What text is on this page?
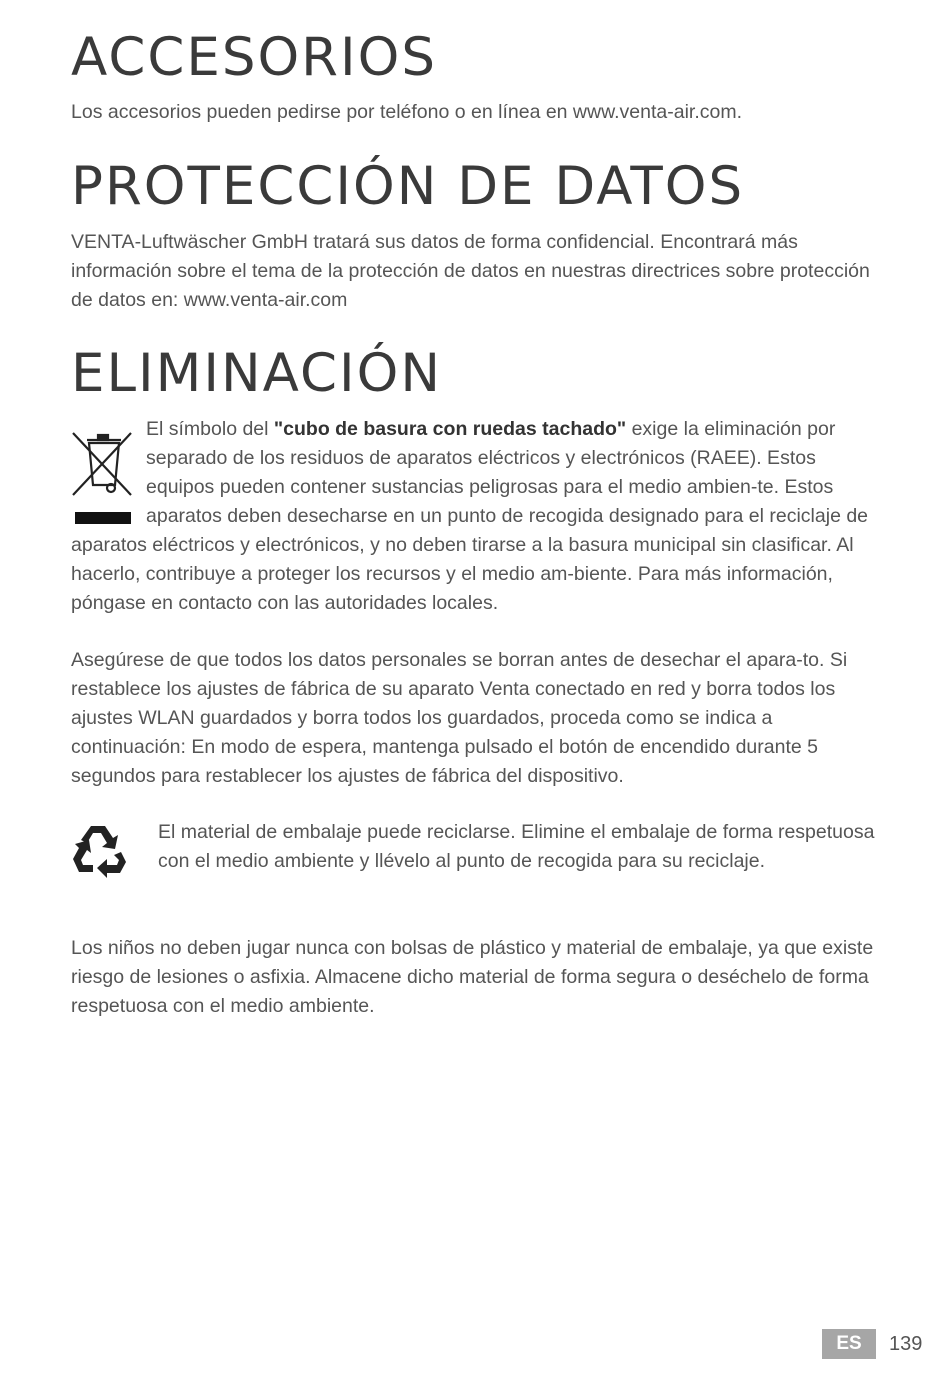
ACCESORIOS

Los accesorios pueden pedirse por teléfono o en línea en www.venta-air.com.

PROTECCIÓN DE DATOS

VENTA-Luftwäscher GmbH tratará sus datos de forma confidencial. Encontrará más información sobre el tema de la protección de datos en nuestras directrices sobre protección de datos en: www.venta-air.com

ELIMINACIÓN

El símbolo del "cubo de basura con ruedas tachado" exige la eliminación por separado de los residuos de aparatos eléctricos y electrónicos (RAEE). Estos equipos pueden contener sustancias peligrosas para el medio ambien-te. Estos aparatos deben desecharse en un punto de recogida designado para el reciclaje de aparatos eléctricos y electrónicos, y no deben tirarse a la basura municipal sin clasificar. Al hacerlo, contribuye a proteger los recursos y el medio am-biente. Para más información, póngase en contacto con las autoridades locales.

Asegúrese de que todos los datos personales se borran antes de desechar el apara-to. Si restablece los ajustes de fábrica de su aparato Venta conectado en red y borra todos los ajustes WLAN guardados y borra todos los guardados, proceda como se indica a continuación: En modo de espera, mantenga pulsado el botón de encendido durante 5 segundos para restablecer los ajustes de fábrica del dispositivo.

El material de embalaje puede reciclarse. Elimine el embalaje de forma respetuosa con el medio ambiente y llévelo al punto de recogida para su reciclaje.

Los niños no deben jugar nunca con bolsas de plástico y material de embalaje, ya que existe riesgo de lesiones o asfixia. Almacene dicho material de forma segura o deséchelo de forma respetuosa con el medio ambiente.

ES	139
